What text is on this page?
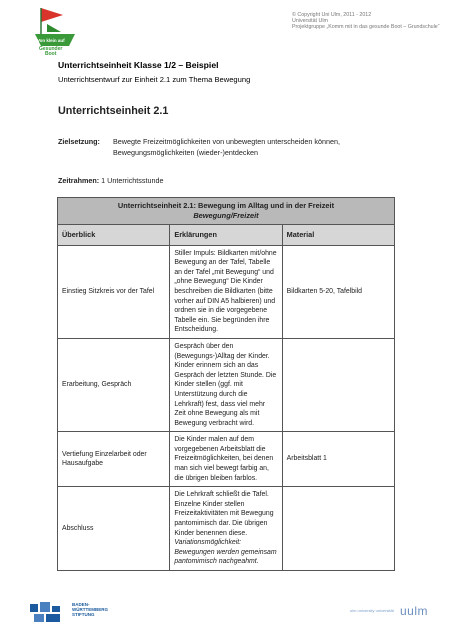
Von klein auf
Gesunder
Boot
© Copyright Uni Ulm, 2011 - 2012
Universität Ulm
Projektgruppe „Komm mit in das gesunde Boot – Grundschule“
Unterrichtseinheit Klasse 1/2 – Beispiel
Unterrichtsentwurf zur Einheit 2.1 zum Thema Bewegung
Unterrichtseinheit 2.1
Zielsetzung: Bewegte Freizeitmöglichkeiten von unbewegten unterscheiden können,
Bewegungsmöglichkeiten (wieder-)entdecken
Zeitrahmen: 1 Unterrichtsstunde
Unterrichtseinheit 2.1: Bewegung im Alltag und in der Freizeit
Bewegung/Freizeit		

Überblick	Erklärungen	Material
Einstieg Sitzkreis vor der Tafel	Stiller Impuls: Bildkarten mit/ohne Bewegung an der Tafel, Tabelle an der Tafel „mit Bewegung“ und „ohne Bewegung“ Die Kinder beschreiben die Bildkarten (bitte vorher auf DIN A5 halbieren) und ordnen sie in die vorgegebene Tabelle ein. Sie begründen ihre Entscheidung.	Bildkarten 5-20, Tafelbild
Erarbeitung, Gespräch	Gespräch über den (Bewegungs-)Alltag der Kinder. Kinder erinnern sich an das Gespräch der letzten Stunde. Die Kinder stellen (ggf. mit Unterstützung durch die Lehrkraft) fest, dass viel mehr Zeit ohne Bewegung als mit Bewegung verbracht wird.	
Vertiefung Einzelarbeit oder Hausaufgabe	Die Kinder malen auf dem vorgegebenen Arbeitsblatt die Freizeitmöglichkeiten, bei denen man sich viel bewegt farbig an, die übrigen bleiben farblos.	Arbeitsblatt 1
Abschluss	Die Lehrkraft schließt die Tafel. Einzelne Kinder stellen Freizeitaktivitäten mit Bewegung pantomimisch dar. Die übrigen Kinder benennen diese. Variationsmöglichkeit: Bewegungen werden gemeinsam pantomimisch nachgeahmt.	
BADEN-
WÜRTTEMBERG
STIFTUNG
ulm university universität uulm
